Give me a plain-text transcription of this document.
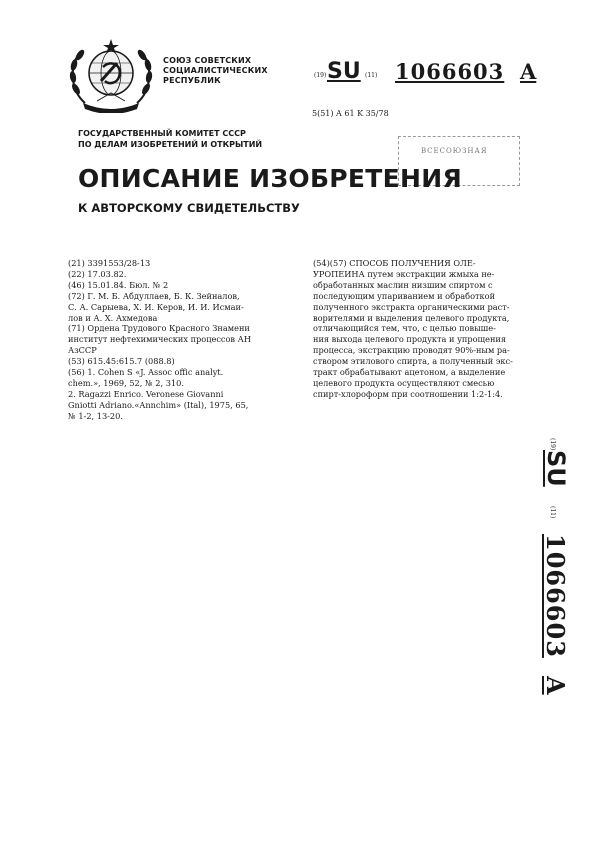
СОЮЗ СОВЕТСКИХ
СОЦИАЛИСТИЧЕСКИХ
РЕСПУБЛИК
(19) SU (11) 1066603 A
5(51) A 61 K 35/78
ВСЕСОЮЗНАЯ
ГОСУДАРСТВЕННЫЙ КОМИТЕТ СССР
ПО ДЕЛАМ ИЗОБРЕТЕНИЙ И ОТКРЫТИЙ
ОПИСАНИЕ ИЗОБРЕТЕНИЯ
К АВТОРСКОМУ СВИДЕТЕЛЬСТВУ
(21) 3391553/28-13
(22) 17.03.82.
(46) 15.01.84. Бюл. № 2
(72) Г. М. Б. Абдуллаев, Б. К. Зейналов,
С. А. Сарыева, Х. И. Керов, И. И. Исмаи-
лов и А. Х. Ахмедова
(71) Ордена Трудового Красного Знамени
институт нефтехимических процессов АН
АзССР
(53) 615.45:615.7 (088.8)
(56) 1. Cohen S «J. Assoc offic analyt.
chem.», 1969, 52, № 2, 310.
2. Ragazzi Enrico. Veronese Giovanni
Gniotti Adriano.«Annchim» (Ital), 1975, 65,
№ 1-2, 13-20.
(54)(57) СПОСОБ ПОЛУЧЕНИЯ ОЛЕ-
УРОПЕИНА путем экстракции жмыха не-
обработанных маслин низшим спиртом с
последующим упариванием и обработкой
полученного экстракта органическими раст-
ворителями и выделения целевого продукта,
отличающийся тем, что, с целью повыше-
ния выхода целевого продукта и упрощения
процесса, экстракцию проводят 90%-ным ра-
створом этилового спирта, а полученный экс-
тракт обрабатывают ацетоном, а выделение
целевого продукта осуществляют смесью
спирт-хлороформ при соотношении 1:2-1:4.
(19)
SU
(11)
1066603
A
